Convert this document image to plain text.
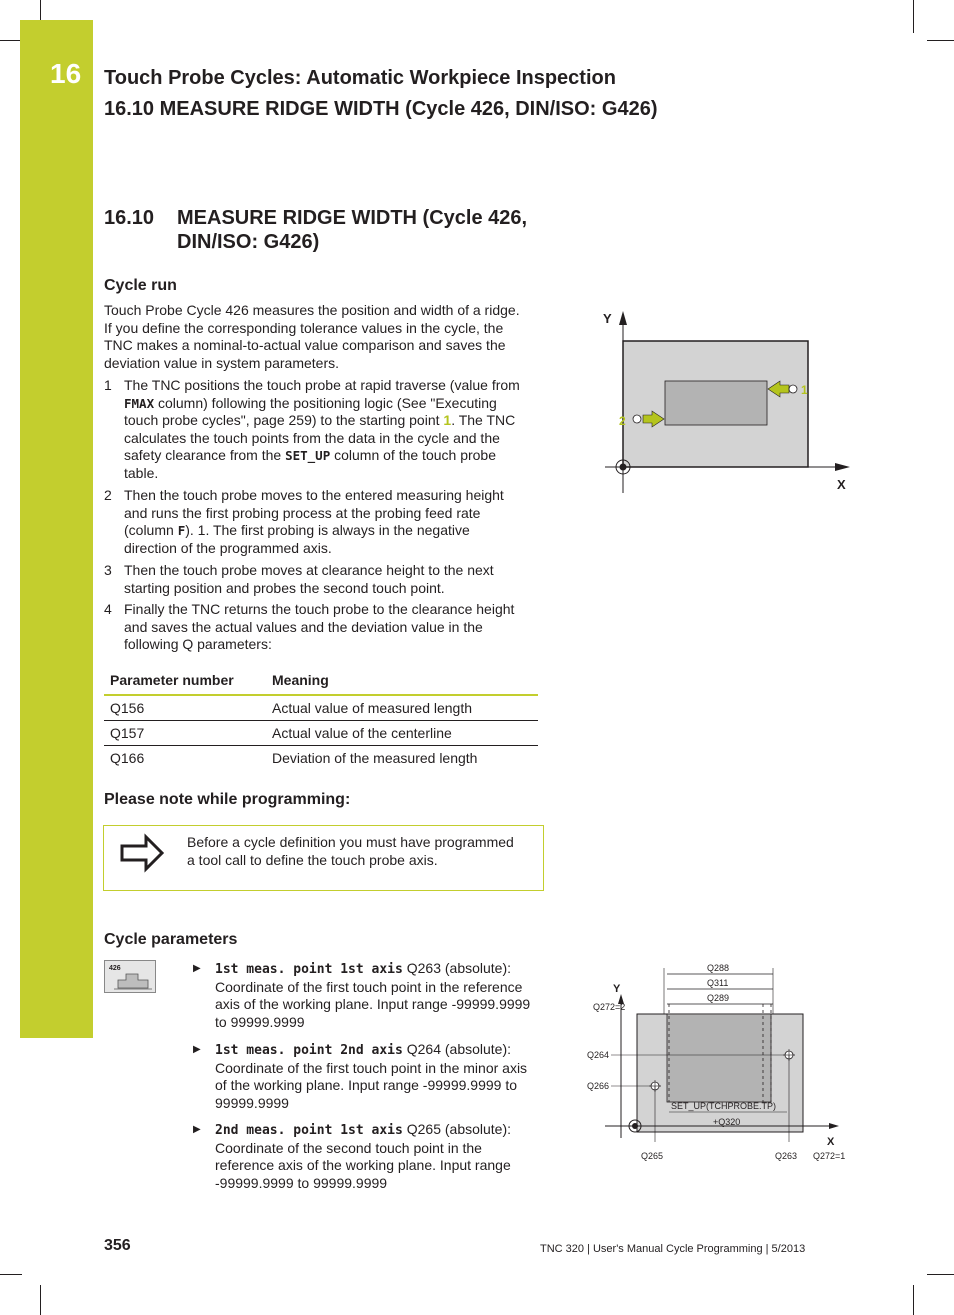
16 Touch Probe Cycles: Automatic Workpiece Inspection
16.10 MEASURE RIDGE WIDTH (Cycle 426, DIN/ISO: G426)
16.10 MEASURE RIDGE WIDTH (Cycle 426,
DIN/ISO: G426)
Cycle run
Touch Probe Cycle 426 measures the position and width of a ridge.
If you define the corresponding tolerance values in the cycle, the
TNC makes a nominal-to-actual value comparison and saves the
deviation value in system parameters.
1 The TNC positions the touch probe at rapid traverse (value from
FMAX column) following the positioning logic (See "Executing
touch probe cycles", page 259) to the starting point 1. The TNC
calculates the touch points from the data in the cycle and the
safety clearance from the SET_UP column of the touch probe
table.
2 Then the touch probe moves to the entered measuring height
and runs the first probing process at the probing feed rate
(column F). 1. The first probing is always in the negative
direction of the programmed axis.
3 Then the touch probe moves at clearance height to the next
starting position and probes the second touch point.
4 Finally the TNC returns the touch probe to the clearance height
and saves the actual values and the deviation value in the
following Q parameters:
Parameter number	Meaning
Q156	Actual value of measured length
Q157	Actual value of the centerline
Q166	Deviation of the measured length
Please note while programming:
Before a cycle definition you must have programmed
a tool call to define the touch probe axis.
Cycle parameters
426	▶ 1st meas. point 1st axis Q263 (absolute):
Coordinate of the first touch point in the reference
axis of the working plane. Input range -99999.9999
to 99999.9999
▶ 1st meas. point 2nd axis Q264 (absolute):
Coordinate of the first touch point in the minor axis
of the working plane. Input range -99999.9999 to
99999.9999
▶ 2nd meas. point 1st axis Q265 (absolute):
Coordinate of the second touch point in the
reference axis of the working plane. Input range
-99999.9999 to 99999.9999
Y
X
1
2
Y
Q272=2
X
Q272=1
Q288
Q311
Q289
Q264
Q266
SET_UP(TCHPROBE.TP)
+Q320
Q265	Q263
356	TNC 320 | User's Manual Cycle Programming | 5/2013
